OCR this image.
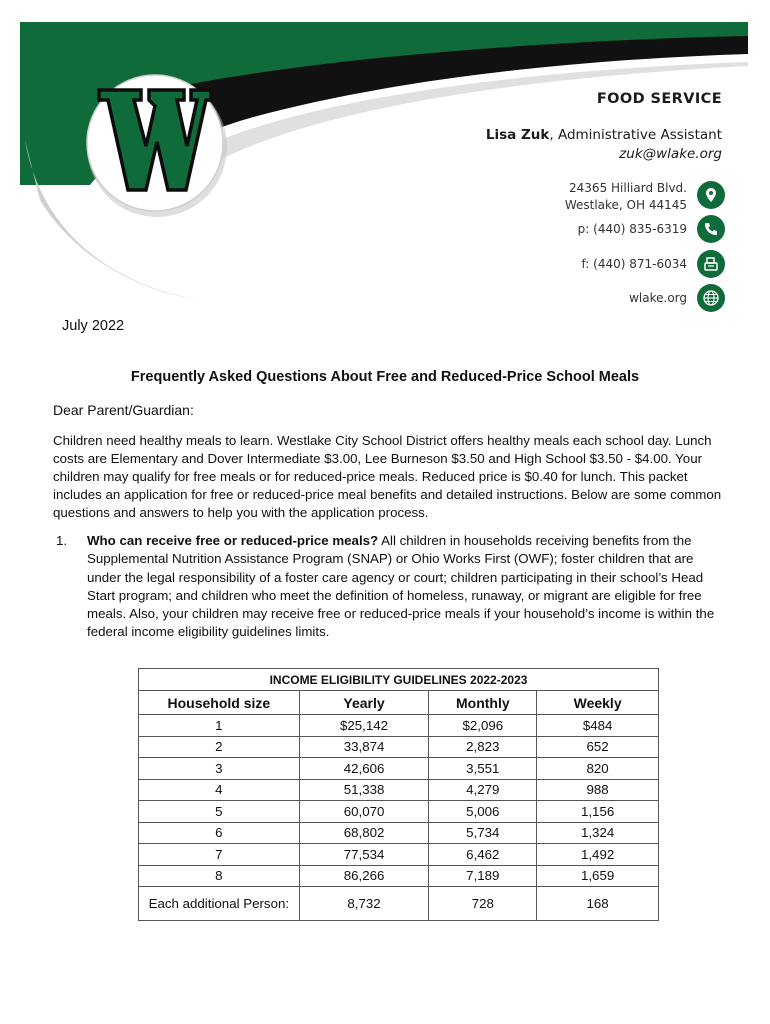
FOOD SERVICE
Lisa Zuk, Administrative Assistant
zuk@wlake.org
24365 Hilliard Blvd.
Westlake, OH 44145
p: (440) 835-6319
f: (440) 871-6034
wlake.org
July 2022
Frequently Asked Questions About Free and Reduced-Price School Meals
Dear Parent/Guardian:

Children need healthy meals to learn. Westlake City School District offers healthy meals each school day. Lunch costs are Elementary and Dover Intermediate $3.00, Lee Burneson $3.50 and High School $3.50 - $4.00. Your children may qualify for free meals or for reduced-price meals. Reduced price is $0.40 for lunch. This packet includes an application for free or reduced-price meal benefits and detailed instructions. Below are some common questions and answers to help you with the application process.

1. Who can receive free or reduced-price meals? All children in households receiving benefits from the Supplemental Nutrition Assistance Program (SNAP) or Ohio Works First (OWF); foster children that are under the legal responsibility of a foster care agency or court; children participating in their school’s Head Start program; and children who meet the definition of homeless, runaway, or migrant are eligible for free meals. Also, your children may receive free or reduced-price meals if your household’s income is within the federal income eligibility guidelines limits.
INCOME ELIGIBILITY GUIDELINES 2022-2023			
Household size	Yearly	Monthly	Weekly
1	$25,142	$2,096	$484
2	33,874	2,823	652
3	42,606	3,551	820
4	51,338	4,279	988
5	60,070	5,006	1,156
6	68,802	5,734	1,324
7	77,534	6,462	1,492
8	86,266	7,189	1,659
Each additional Person:	8,732	728	168
